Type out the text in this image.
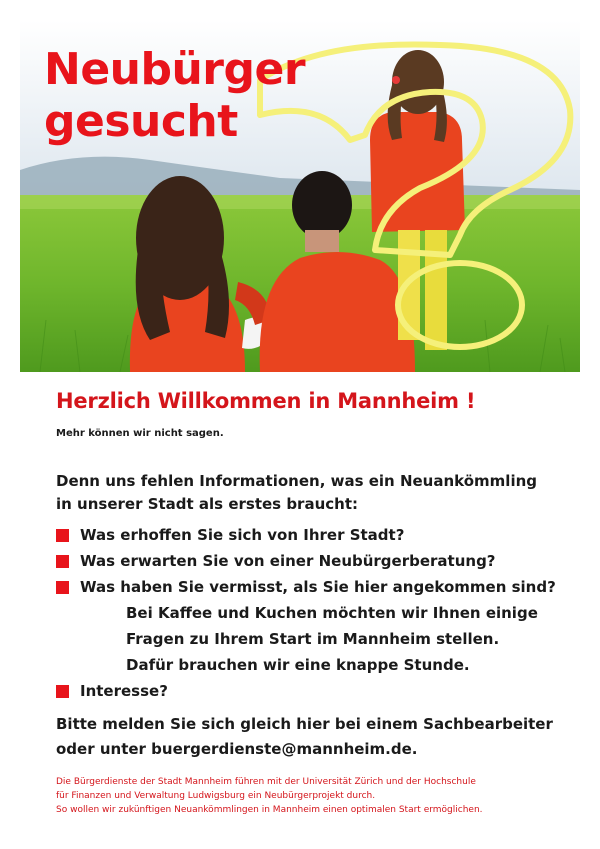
Neubürger
gesucht
Herzlich Willkommen in Mannheim !
Mehr können wir nicht sagen.
Denn uns fehlen Informationen, was ein Neuankömmling
in unserer Stadt als erstes braucht:
Was erhoffen Sie sich von Ihrer Stadt?
Was erwarten Sie von einer Neubürgerberatung?
Was haben Sie vermisst, als Sie hier angekommen sind?
Bei Kaffee und Kuchen möchten wir Ihnen einige
Fragen zu Ihrem Start im Mannheim stellen.
Dafür brauchen wir eine knappe Stunde.
Interesse?
Bitte melden Sie sich gleich hier bei einem Sachbearbeiter
oder unter buergerdienste@mannheim.de.
Die Bürgerdienste der Stadt Mannheim führen mit der Universität Zürich und der Hochschule
für Finanzen und Verwaltung Ludwigsburg ein Neubürgerprojekt durch.
So wollen wir zukünftigen Neuankömmlingen in Mannheim einen optimalen Start ermöglichen.
